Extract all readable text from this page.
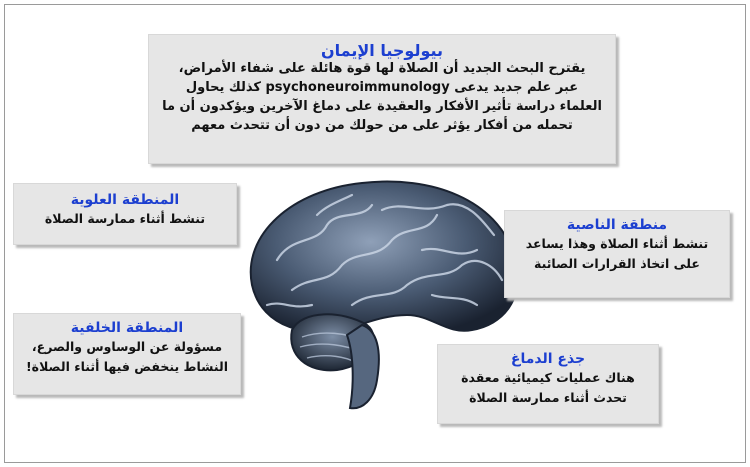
بيولوجيا الإيمان
يقترح البحث الجديد أن الصلاة لها قوة هائلة على شفاء الأمراض،
عبر علم جديد يدعى psychoneuroimmunology كذلك يحاول
العلماء دراسة تأثير الأفكار والعقيدة على دماغ الآخرين ويؤكدون أن ما
تحمله من أفكار يؤثر على من حولك من دون أن تتحدث معهم
المنطقة العلوية
تنشط أثناء ممارسة الصلاة	منطقة الناصية
تنشط أثناء الصلاة وهذا يساعد
على اتخاذ القرارات الصائبة
المنطقة الخلفية
مسؤولة عن الوساوس والصرع،
النشاط ينخفض فيها أثناء الصلاة!	جذع الدماغ
هناك عمليات كيميائية معقدة
تحدث أثناء ممارسة الصلاة
